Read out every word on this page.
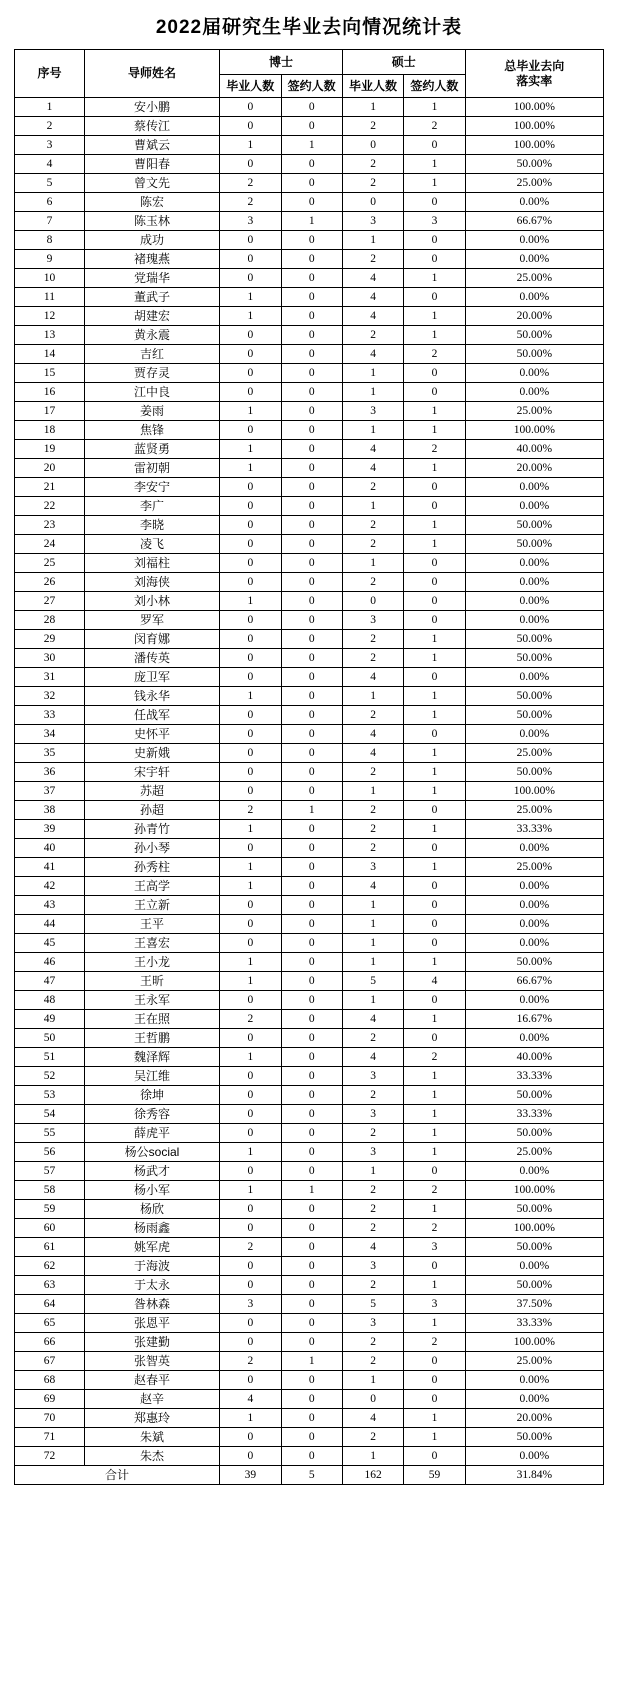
2022届研究生毕业去向情况统计表
序号	导师姓名	博士		硕士		总毕业去向
落实率

		毕业人数	签约人数	毕业人数	签约人数	
1	安小鹏	0	0	1	1	100.00%
2	蔡传江	0	0	2	2	100.00%
3	曹斌云	1	1	0	0	100.00%
4	曹阳春	0	0	2	1	50.00%
5	曾文先	2	0	2	1	25.00%
6	陈宏	2	0	0	0	0.00%
7	陈玉林	3	1	3	3	66.67%
8	成功	0	0	1	0	0.00%
9	褚瑰燕	0	0	2	0	0.00%
10	党瑞华	0	0	4	1	25.00%
11	董武子	1	0	4	0	0.00%
12	胡建宏	1	0	4	1	20.00%
13	黄永震	0	0	2	1	50.00%
14	吉红	0	0	4	2	50.00%
15	贾存灵	0	0	1	0	0.00%
16	江中良	0	0	1	0	0.00%
17	姜雨	1	0	3	1	25.00%
18	焦锋	0	0	1	1	100.00%
19	蓝贤勇	1	0	4	2	40.00%
20	雷初朝	1	0	4	1	20.00%
21	李安宁	0	0	2	0	0.00%
22	李广	0	0	1	0	0.00%
23	李晓	0	0	2	1	50.00%
24	凌飞	0	0	2	1	50.00%
25	刘福柱	0	0	1	0	0.00%
26	刘海侠	0	0	2	0	0.00%
27	刘小林	1	0	0	0	0.00%
28	罗军	0	0	3	0	0.00%
29	闵育娜	0	0	2	1	50.00%
30	潘传英	0	0	2	1	50.00%
31	庞卫军	0	0	4	0	0.00%
32	钱永华	1	0	1	1	50.00%
33	任战军	0	0	2	1	50.00%
34	史怀平	0	0	4	0	0.00%
35	史新娥	0	0	4	1	25.00%
36	宋宇轩	0	0	2	1	50.00%
37	苏超	0	0	1	1	100.00%
38	孙超	2	1	2	0	25.00%
39	孙青竹	1	0	2	1	33.33%
40	孙小琴	0	0	2	0	0.00%
41	孙秀柱	1	0	3	1	25.00%
42	王高学	1	0	4	0	0.00%
43	王立新	0	0	1	0	0.00%
44	王平	0	0	1	0	0.00%
45	王喜宏	0	0	1	0	0.00%
46	王小龙	1	0	1	1	50.00%
47	王昕	1	0	5	4	66.67%
48	王永军	0	0	1	0	0.00%
49	王在照	2	0	4	1	16.67%
50	王哲鹏	0	0	2	0	0.00%
51	魏泽辉	1	0	4	2	40.00%
52	吴江维	0	0	3	1	33.33%
53	徐坤	0	0	2	1	50.00%
54	徐秀容	0	0	3	1	33.33%
55	薛虎平	0	0	2	1	50.00%
56	杨公social	1	0	3	1	25.00%
57	杨武才	0	0	1	0	0.00%
58	杨小军	1	1	2	2	100.00%
59	杨欣	0	0	2	1	50.00%
60	杨雨鑫	0	0	2	2	100.00%
61	姚军虎	2	0	4	3	50.00%
62	于海波	0	0	3	0	0.00%
63	于太永	0	0	2	1	50.00%
64	昝林森	3	0	5	3	37.50%
65	张恩平	0	0	3	1	33.33%
66	张建勤	0	0	2	2	100.00%
67	张智英	2	1	2	0	25.00%
68	赵春平	0	0	1	0	0.00%
69	赵辛	4	0	0	0	0.00%
70	郑惠玲	1	0	4	1	20.00%
71	朱斌	0	0	2	1	50.00%
72	朱杰	0	0	1	0	0.00%
合计		39	5	162	59	31.84%
